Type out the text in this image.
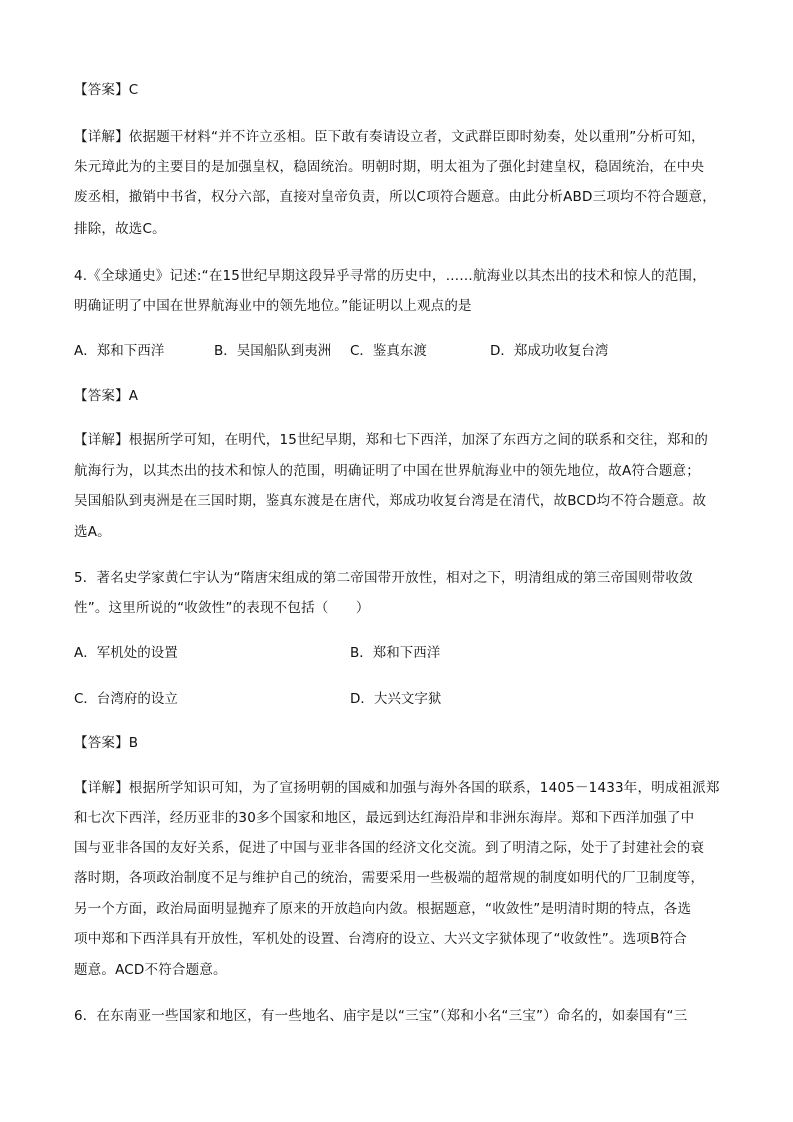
【答案】C
【详解】依据题干材料“并不许立丞相。臣下敢有奏请设立者，文武群臣即时劾奏，处以重刑”分析可知，
朱元璋此为的主要目的是加强皇权，稳固统治。明朝时期，明太祖为了强化封建皇权，稳固统治，在中央
废丞相，撤销中书省，权分六部，直接对皇帝负责，所以C项符合题意。由此分析ABD三项均不符合题意，
排除，故选C。
4.《全球通史》记述:“在15世纪早期这段异乎寻常的历史中，……航海业以其杰出的技术和惊人的范围，
明确证明了中国在世界航海业中的领先地位。”能证明以上观点的是
A．郑和下西洋	B．吴国船队到夷洲 C．鉴真东渡	D．郑成功收复台湾
【答案】A
【详解】根据所学可知，在明代，15世纪早期，郑和七下西洋，加深了东西方之间的联系和交往，郑和的
航海行为，以其杰出的技术和惊人的范围，明确证明了中国在世界航海业中的领先地位，故A符合题意；
吴国船队到夷洲是在三国时期，鉴真东渡是在唐代，郑成功收复台湾是在清代，故BCD均不符合题意。故
选A。
5．著名史学家黄仁宇认为“隋唐宋组成的第二帝国带开放性，相对之下，明清组成的第三帝国则带收敛
性”。这里所说的“收敛性”的表现不包括（　　）
A．军机处的设置	B．郑和下西洋
C．台湾府的设立	D．大兴文字狱
【答案】B
【详解】根据所学知识可知，为了宣扬明朝的国威和加强与海外各国的联系，1405－1433年，明成祖派郑
和七次下西洋，经历亚非的30多个国家和地区，最远到达红海沿岸和非洲东海岸。郑和下西洋加强了中
国与亚非各国的友好关系，促进了中国与亚非各国的经济文化交流。到了明清之际，处于了封建社会的衰
落时期，各项政治制度不足与维护自己的统治，需要采用一些极端的超常规的制度如明代的厂卫制度等，
另一个方面，政治局面明显抛弃了原来的开放趋向内敛。根据题意，“收敛性”是明清时期的特点，各选
项中郑和下西洋具有开放性，军机处的设置、台湾府的设立、大兴文字狱体现了“收敛性”。选项B符合
题意。ACD不符合题意。
6．在东南亚一些国家和地区，有一些地名、庙宇是以“三宝”（郑和小名“三宝”）命名的，如泰国有“三
